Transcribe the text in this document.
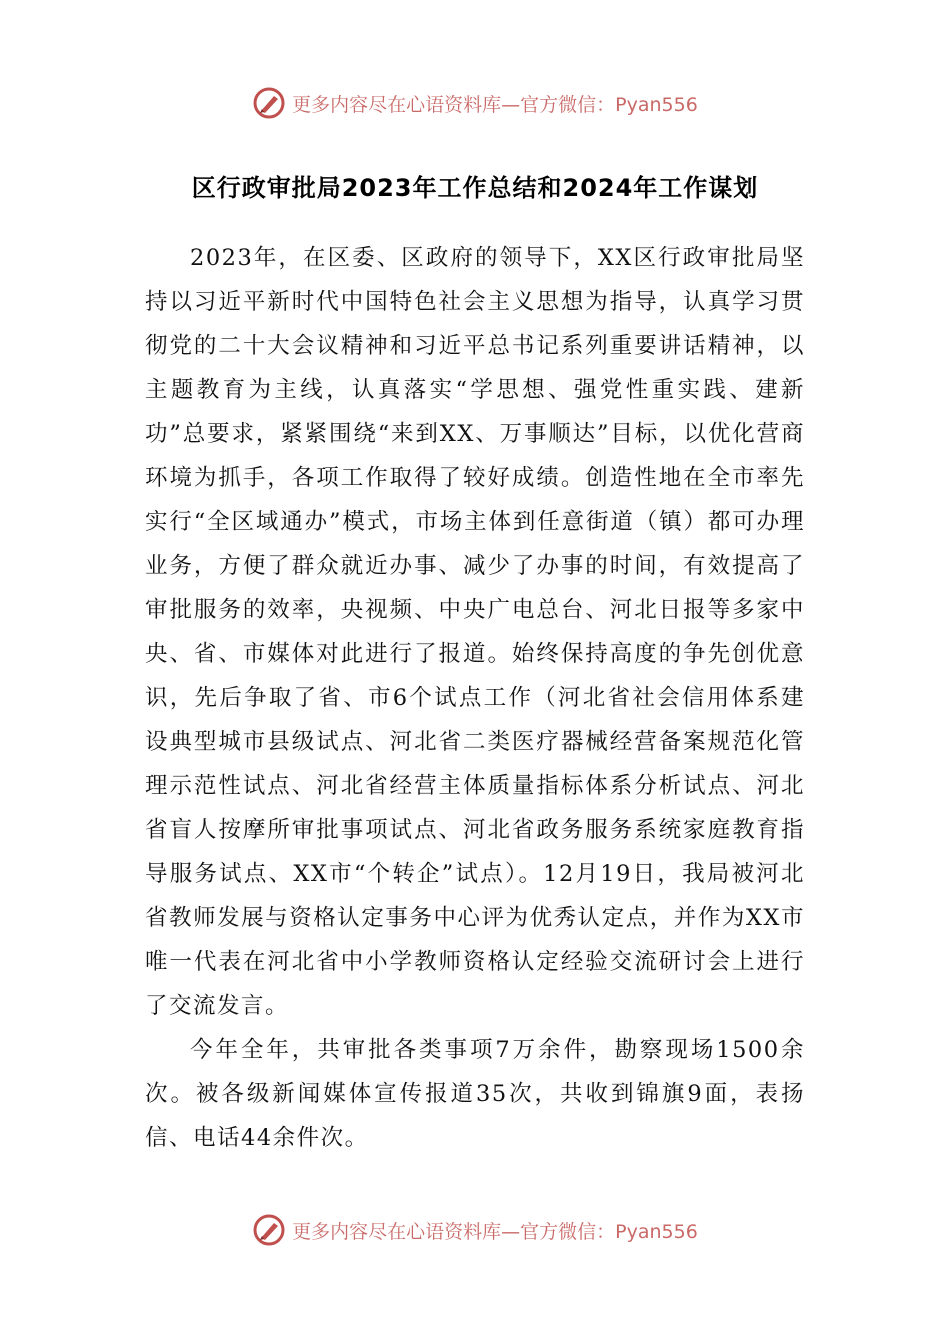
更多内容尽在心语资料库—官方微信：Pyan556
区行政审批局2023年工作总结和2024年工作谋划

2023年，在区委、区政府的领导下，XX区行政审批局坚持以习近平新时代中国特色社会主义思想为指导，认真学习贯彻党的二十大会议精神和习近平总书记系列重要讲话精神，以主题教育为主线，认真落实“学思想、强党性重实践、建新功”总要求，紧紧围绕“来到XX、万事顺达”目标，以优化营商环境为抓手，各项工作取得了较好成绩。创造性地在全市率先实行“全区域通办”模式，市场主体到任意街道（镇）都可办理业务，方便了群众就近办事、减少了办事的时间，有效提高了审批服务的效率，央视频、中央广电总台、河北日报等多家中央、省、市媒体对此进行了报道。始终保持高度的争先创优意识，先后争取了省、市6个试点工作（河北省社会信用体系建设典型城市县级试点、河北省二类医疗器械经营备案规范化管理示范性试点、河北省经营主体质量指标体系分析试点、河北省盲人按摩所审批事项试点、河北省政务服务系统家庭教育指导服务试点、XX市“个转企”试点）。12月19日，我局被河北省教师发展与资格认定事务中心评为优秀认定点，并作为XX市唯一代表在河北省中小学教师资格认定经验交流研讨会上进行了交流发言。

今年全年，共审批各类事项7万余件，勘察现场1500余次。被各级新闻媒体宣传报道35次，共收到锦旗9面，表扬信、电话44余件次。

更多内容尽在心语资料库—官方微信：Pyan556
